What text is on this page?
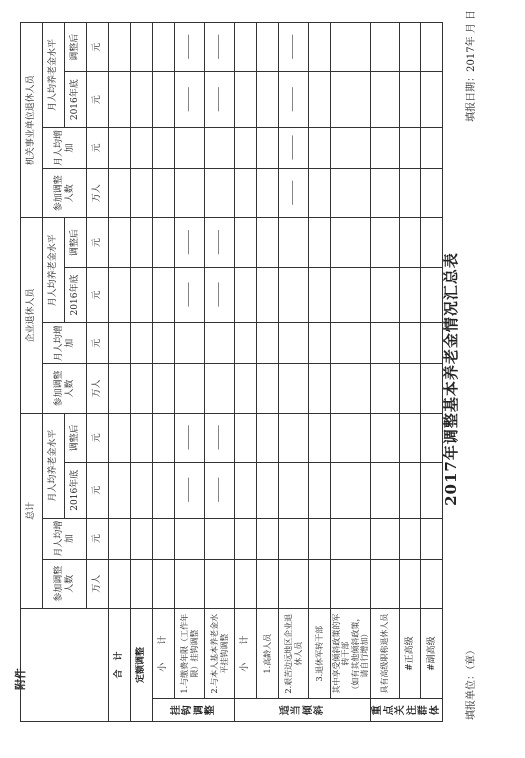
附件
2017年调整基本养老金情况汇总表
填报单位：（章）
填报日期：2017年 月 日
		总计				企业退休人员				机关事业单位退休人员			
		参加调整人数	月人均增加	月人均养老金水平		参加调整人数	月人均增加	月人均养老金水平		参加调整人数	月人均增加	月人均养老金水平	
				2016年底	调整后			2016年底	调整后			2016年底	调整后
		万人	元	元	元	万人	元	元	元	万人	元	元	元
合　计													
定额调整													
挂钩调整	小　　计												
	1.与缴费年限（工作年限）挂钩调整			———	———			———	———			———	———
	2.与本人基本养老金水平挂钩调整			———	———			———	———			———	———
适当倾斜	小　　计												
	1.高龄人员												
	2.艰苦边远地区企业退休人员									———	———	———	———
	3.退休军转干部												
	其中享受倾斜政策的军转干部
（如有其他倾斜政策，请自行增加）												
重点关注群体	具有高级职称退休人员												
	#正高级												
	#副高级												
